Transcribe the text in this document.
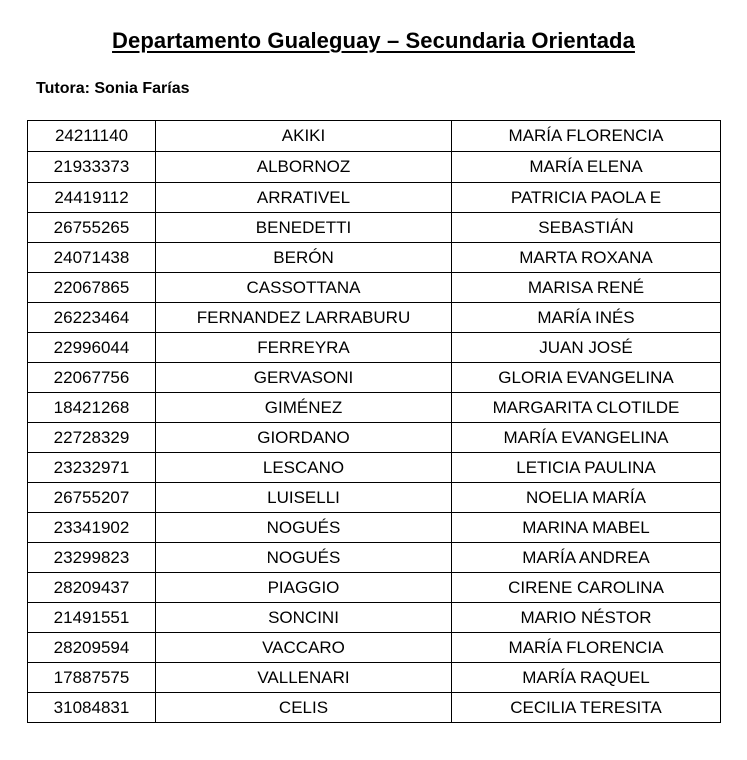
Departamento Gualeguay – Secundaria Orientada
Tutora: Sonia Farías
24211140	AKIKI	MARÍA FLORENCIA
21933373	ALBORNOZ	MARÍA ELENA
24419112	ARRATIVEL	PATRICIA PAOLA E
26755265	BENEDETTI	SEBASTIÁN
24071438	BERÓN	MARTA ROXANA
22067865	CASSOTTANA	MARISA RENÉ
26223464	FERNANDEZ LARRABURU	MARÍA INÉS
22996044	FERREYRA	JUAN JOSÉ
22067756	GERVASONI	GLORIA EVANGELINA
18421268	GIMÉNEZ	MARGARITA CLOTILDE
22728329	GIORDANO	MARÍA EVANGELINA
23232971	LESCANO	LETICIA PAULINA
26755207	LUISELLI	NOELIA MARÍA
23341902	NOGUÉS	MARINA MABEL
23299823	NOGUÉS	MARÍA ANDREA
28209437	PIAGGIO	CIRENE CAROLINA
21491551	SONCINI	MARIO NÉSTOR
28209594	VACCARO	MARÍA FLORENCIA
17887575	VALLENARI	MARÍA RAQUEL
31084831	CELIS	CECILIA TERESITA
